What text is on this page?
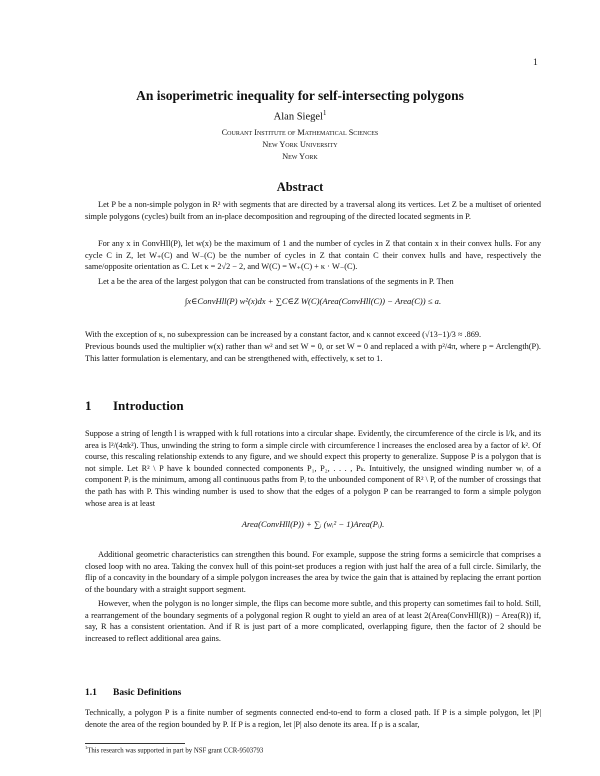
1
An isoperimetric inequality for self-intersecting polygons
Alan Siegel$^1$
Courant Institute of Mathematical Sciences
New York University
New York
Abstract
Let P be a non-simple polygon in R² with segments that are directed by a traversal along its vertices. Let Z be a multiset of oriented simple polygons (cycles) built from an in-place decomposition and regrouping of the directed located segments in P.
For any x in ConvHll(P), let w(x) be the maximum of 1 and the number of cycles in Z that contain x in their convex hulls. For any cycle C in Z, let W₊(C) and W₋(C) be the number of cycles in Z that contain C their convex hulls and have, respectively the same/opposite orientation as C. Let κ = 2√2 − 2, and W(C) = W₊(C) + κ · W₋(C).
Let a be the area of the largest polygon that can be constructed from translations of the segments in P. Then
∫x∈ConvHll(P) w²(x)dx + ∑C∈Z W(C)(Area(ConvHll(C)) − Area(C)) ≤ a.
With the exception of κ, no subexpression can be increased by a constant factor, and κ cannot exceed (√13−1)/3 ≈ .869.
Previous bounds used the multiplier w(x) rather than w² and set W = 0, or set W = 0 and replaced a with p²/4π, where p = Arclength(P). This latter formulation is elementary, and can be strengthened with, effectively, κ set to 1.
1 Introduction
Suppose a string of length l is wrapped with k full rotations into a circular shape. Evidently, the circumference of the circle is l/k, and its area is l²/(4πk²). Thus, unwinding the string to form a simple circle with circumference l increases the enclosed area by a factor of k². Of course, this rescaling relationship extends to any figure, and we should expect this property to generalize. Suppose P is a polygon that is not simple. Let R² \ P have k bounded connected components P₁, P₂, . . . , Pₖ. Intuitively, the unsigned winding number wᵢ of a component Pᵢ is the minimum, among all continuous paths from Pᵢ to the unbounded component of R² \ P, of the number of crossings that the path has with P. This winding number is used to show that the edges of a polygon P can be rearranged to form a simple polygon whose area is at least
Area(ConvHll(P)) + ∑ᵢ (wᵢ² − 1)Area(Pᵢ).
Additional geometric characteristics can strengthen this bound. For example, suppose the string forms a semicircle that comprises a closed loop with no area. Taking the convex hull of this point-set produces a region with just half the area of a full circle. Similarly, the flip of a concavity in the boundary of a simple polygon increases the area by twice the gain that is attained by replacing the errant portion of the boundary with a straight support segment.
However, when the polygon is no longer simple, the flips can become more subtle, and this property can sometimes fail to hold. Still, a rearrangement of the boundary segments of a polygonal region R ought to yield an area of at least 2(Area(ConvHll(R)) − Area(R)) if, say, R has a consistent orientation. And if R is just part of a more complicated, overlapping figure, then the factor of 2 should be increased to reflect additional area gains.
1.1 Basic Definitions
Technically, a polygon P is a finite number of segments connected end-to-end to form a closed path. If P is a simple polygon, let |P| denote the area of the region bounded by P. If P is a region, let |P| also denote its area. If ρ is a scalar,
$^1$This research was supported in part by NSF grant CCR-9503793
